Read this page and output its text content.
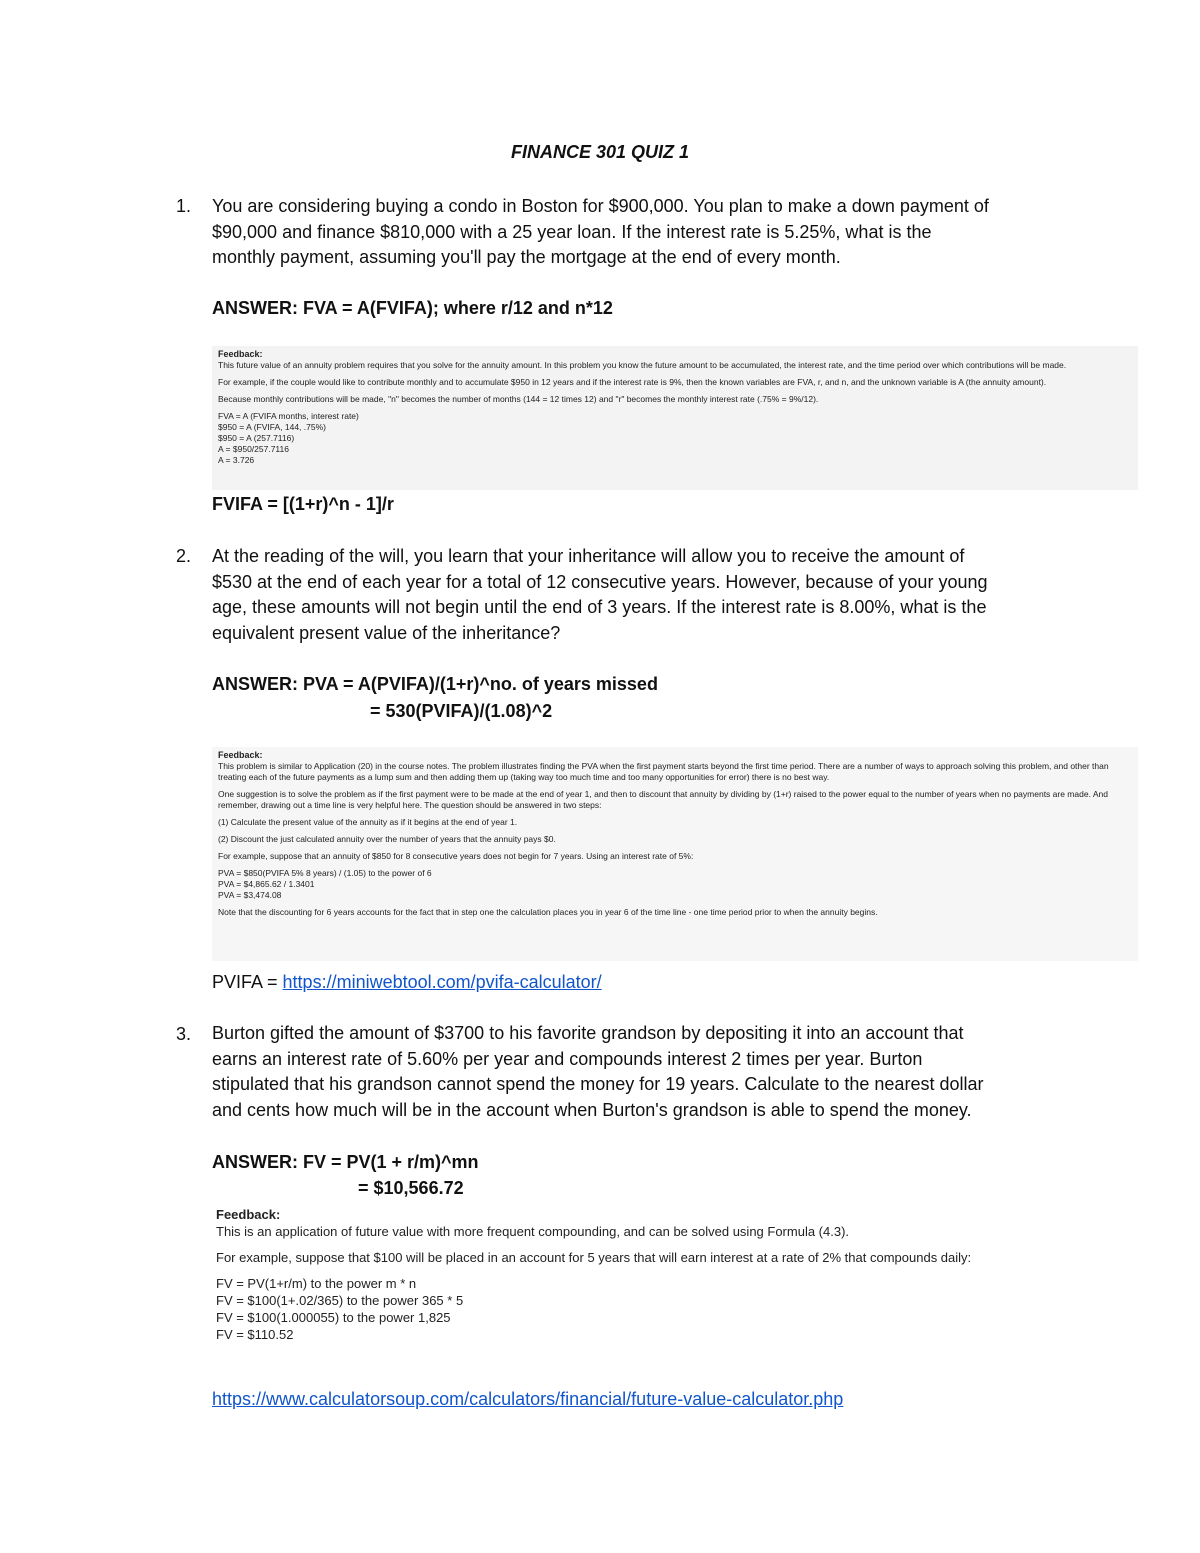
FINANCE 301 QUIZ 1
1. You are considering buying a condo in Boston for $900,000. You plan to make a down payment of
$90,000 and finance $810,000 with a 25 year loan. If the interest rate is 5.25%, what is the
monthly payment, assuming you'll pay the mortgage at the end of every month.
ANSWER: FVA = A(FVIFA); where r/12 and n*12

Feedback:

This future value of an annuity problem requires that you solve for the annuity amount. In this problem you know the future amount to be accumulated, the interest rate, and the time period over which contributions will be made.

For example, if the couple would like to contribute monthly and to accumulate $950 in 12 years and if the interest rate is 9%, then the known variables are FVA, r, and n, and the unknown variable is A (the annuity amount).

Because monthly contributions will be made, "n" becomes the number of months (144 = 12 times 12) and "r" becomes the monthly interest rate (.75% = 9%/12).

FVA = A (FVIFA months, interest rate)
$950 = A (FVIFA, 144, .75%)
$950 = A (257.7116)
A = $950/257.7116
A = 3.726
FVIFA = [(1+r)^n - 1]/r
2. At the reading of the will, you learn that your inheritance will allow you to receive the amount of
$530 at the end of each year for a total of 12 consecutive years. However, because of your young
age, these amounts will not begin until the end of 3 years. If the interest rate is 8.00%, what is the
equivalent present value of the inheritance?
ANSWER: PVA = A(PVIFA)/(1+r)^no. of years missed
= 530(PVIFA)/(1.08)^2

Feedback:

This problem is similar to Application (20) in the course notes. The problem illustrates finding the PVA when the first payment starts beyond the first time period. There are a number of ways to approach solving this problem, and other than treating each of the future payments as a lump sum and then adding them up (taking way too much time and too many opportunities for error) there is no best way.

One suggestion is to solve the problem as if the first payment were to be made at the end of year 1, and then to discount that annuity by dividing by (1+r) raised to the power equal to the number of years when no payments are made. And remember, drawing out a time line is very helpful here. The question should be answered in two steps:

(1) Calculate the present value of the annuity as if it begins at the end of year 1.

(2) Discount the just calculated annuity over the number of years that the annuity pays $0.

For example, suppose that an annuity of $850 for 8 consecutive years does not begin for 7 years. Using an interest rate of 5%:

PVA = $850(PVIFA 5% 8 years) / (1.05) to the power of 6
PVA = $4,865.62 / 1.3401
PVA = $3,474.08

Note that the discounting for 6 years accounts for the fact that in step one the calculation places you in year 6 of the time line - one time period prior to when the annuity begins.

PVIFA = https://miniwebtool.com/pvifa-calculator/
3. Burton gifted the amount of $3700 to his favorite grandson by depositing it into an account that
earns an interest rate of 5.60% per year and compounds interest 2 times per year. Burton
stipulated that his grandson cannot spend the money for 19 years. Calculate to the nearest dollar
and cents how much will be in the account when Burton's grandson is able to spend the money.
ANSWER: FV = PV(1 + r/m)^mn
= $10,566.72

Feedback:

This is an application of future value with more frequent compounding, and can be solved using Formula (4.3).

For example, suppose that $100 will be placed in an account for 5 years that will earn interest at a rate of 2% that compounds daily:

FV = PV(1+r/m) to the power m * n
FV = $100(1+.02/365) to the power 365 * 5
FV = $100(1.000055) to the power 1,825
FV = $110.52
https://www.calculatorsoup.com/calculators/financial/future-value-calculator.php
